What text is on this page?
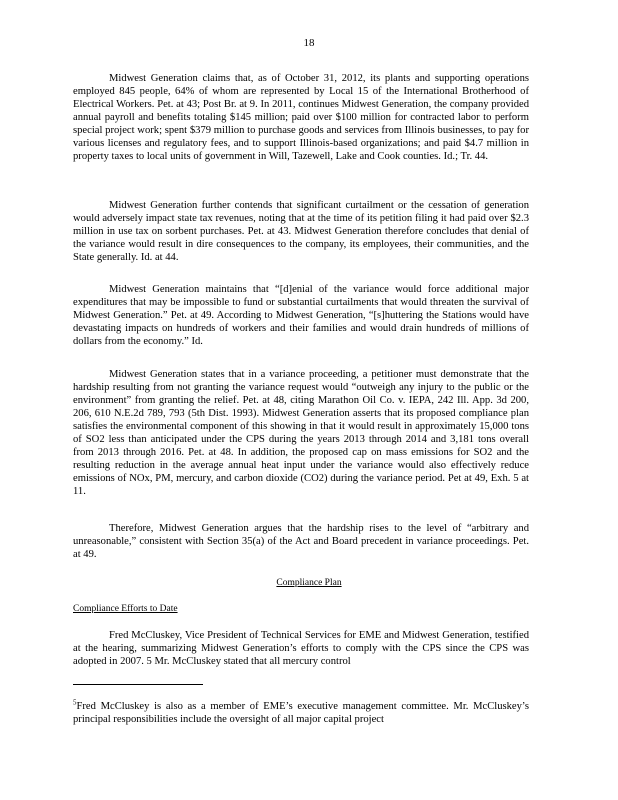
18

Midwest Generation claims that, as of October 31, 2012, its plants and supporting operations employed 845 people, 64% of whom are represented by Local 15 of the International Brotherhood of Electrical Workers. Pet. at 43; Post Br. at 9. In 2011, continues Midwest Generation, the company provided annual payroll and benefits totaling $145 million; paid over $100 million for contracted labor to perform special project work; spent $379 million to purchase goods and services from Illinois businesses, to pay for various licenses and regulatory fees, and to support Illinois-based organizations; and paid $4.7 million in property taxes to local units of government in Will, Tazewell, Lake and Cook counties. Id.; Tr. 44.

Midwest Generation further contends that significant curtailment or the cessation of generation would adversely impact state tax revenues, noting that at the time of its petition filing it had paid over $2.3 million in use tax on sorbent purchases. Pet. at 43. Midwest Generation therefore concludes that denial of the variance would result in dire consequences to the company, its employees, their communities, and the State generally. Id. at 44.

Midwest Generation maintains that “[d]enial of the variance would force additional major expenditures that may be impossible to fund or substantial curtailments that would threaten the survival of Midwest Generation.” Pet. at 49. According to Midwest Generation, “[s]huttering the Stations would have devastating impacts on hundreds of workers and their families and would drain hundreds of millions of dollars from the economy.” Id.

Midwest Generation states that in a variance proceeding, a petitioner must demonstrate that the hardship resulting from not granting the variance request would “outweigh any injury to the public or the environment” from granting the relief. Pet. at 48, citing Marathon Oil Co. v. IEPA, 242 Ill. App. 3d 200, 206, 610 N.E.2d 789, 793 (5th Dist. 1993). Midwest Generation asserts that its proposed compliance plan satisfies the environmental component of this showing in that it would result in approximately 15,000 tons of SO2 less than anticipated under the CPS during the years 2013 through 2014 and 3,181 tons overall from 2013 through 2016. Pet. at 48. In addition, the proposed cap on mass emissions for SO2 and the resulting reduction in the average annual heat input under the variance would also effectively reduce emissions of NOx, PM, mercury, and carbon dioxide (CO2) during the variance period. Pet at 49, Exh. 5 at 11.

Therefore, Midwest Generation argues that the hardship rises to the level of “arbitrary and unreasonable,” consistent with Section 35(a) of the Act and Board precedent in variance proceedings. Pet. at 49.

Compliance Plan
Compliance Efforts to Date

Fred McCluskey, Vice President of Technical Services for EME and Midwest Generation, testified at the hearing, summarizing Midwest Generation’s efforts to comply with the CPS since the CPS was adopted in 2007. 5 Mr. McCluskey stated that all mercury control

$^5$Fred McCluskey is also as a member of EME’s executive management committee. Mr. McCluskey’s principal responsibilities include the oversight of all major capital project
